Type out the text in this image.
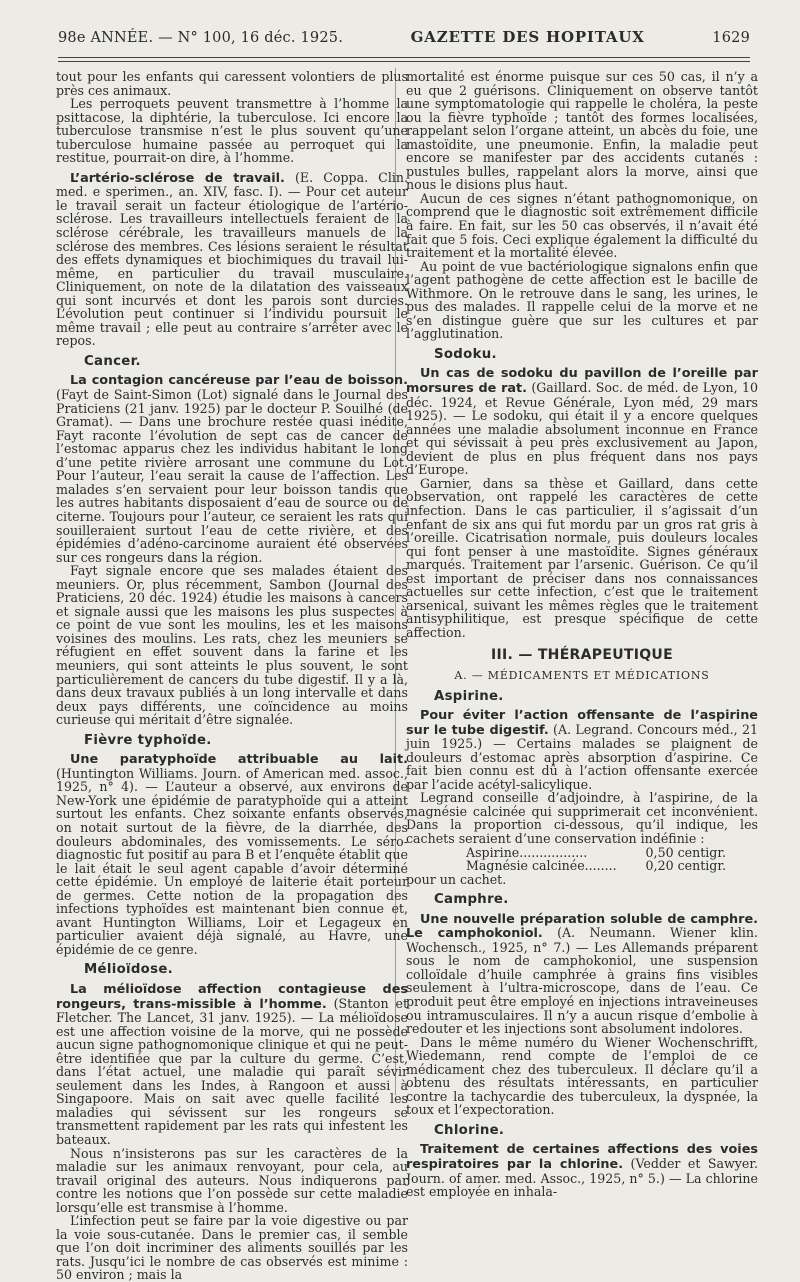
98e ANNÉE. — N° 100, 16 déc. 1925.	GAZETTE DES HOPITAUX	1629

tout pour les enfants qui caressent volontiers de plus près ces animaux.

Les perroquets peuvent transmettre à l’homme la psittacose, la diphtérie, la tuberculose. Ici encore la tuberculose transmise n’est le plus souvent qu’une tuberculose humaine passée au perroquet qui la restitue, pourrait-on dire, à l’homme.

L’artério-sclérose de travail. (E. Coppa. Clin. med. e sperimen., an. XIV, fasc. I). — Pour cet auteur le travail serait un facteur étiologique de l’artério-sclérose. Les travailleurs intellectuels feraient de la sclérose cérébrale, les travailleurs manuels de la sclérose des membres. Ces lésions seraient le résultat des effets dynamiques et biochimiques du travail lui-même, en particulier du travail musculaire. Cliniquement, on note de la dilatation des vaisseaux qui sont incurvés et dont les parois sont durcies. L’évolution peut continuer si l’individu poursuit le même travail ; elle peut au contraire s’arrêter avec le repos.

Cancer.

La contagion cancéreuse par l’eau de boisson. (Fayt de Saint-Simon (Lot) signalé dans le Journal des Praticiens (21 janv. 1925) par le docteur P. Souilhé (de Gramat). — Dans une brochure restée quasi inédite, Fayt raconte l’évolution de sept cas de cancer de l’estomac apparus chez les individus habitant le long d’une petite rivière arrosant une commune du Lot. Pour l’auteur, l’eau serait la cause de l’affection. Les malades s’en servaient pour leur boisson tandis que les autres habitants disposaient d’eau de source ou de citerne. Toujours pour l’auteur, ce seraient les rats qui souilleraient surtout l’eau de cette rivière, et des épidémies d’adéno-carcinome auraient été observées sur ces rongeurs dans la région.

Fayt signale encore que ses malades étaient des meuniers. Or, plus récemment, Sambon (Journal des Praticiens, 20 déc. 1924) étudie les maisons à cancers et signale aussi que les maisons les plus suspectes à ce point de vue sont les moulins, les et les maisons voisines des moulins. Les rats, chez les meuniers se réfugient en effet souvent dans la farine et les meuniers, qui sont atteints le plus souvent, le sont particulièrement de cancers du tube digestif. Il y a là, dans deux travaux publiés à un long intervalle et dans deux pays différents, une coïncidence au moins curieuse qui méritait d’être signalée.

Fièvre typhoïde.

Une paratyphoïde attribuable au lait. (Huntington Williams. Journ. of American med. assoc., 1925, n° 4). — L’auteur a observé, aux environs de New-York une épidémie de paratyphoïde qui a atteint surtout les enfants. Chez soixante enfants observés, on notait surtout de la fièvre, de la diarrhée, des douleurs abdominales, des vomissements. Le séro-diagnostic fut positif au para B et l’enquête établit que le lait était le seul agent capable d’avoir déterminé cette épidémie. Un employé de laiterie était porteur de germes. Cette notion de la propagation des infections typhoïdes est maintenant bien connue et, avant Huntington Williams, Loir et Legageux en particulier avaient déjà signalé, au Havre, une épidémie de ce genre.

Mélioïdose.

La mélioïdose affection contagieuse des rongeurs, trans-missible à l’homme. (Stanton et Fletcher. The Lancet, 31 janv. 1925). — La mélioïdose est une affection voisine de la morve, qui ne possède aucun signe pathognomonique clinique et qui ne peut-être identifiée que par la culture du germe. C’est, dans l’état actuel, une maladie qui paraît sévir seulement dans les Indes, à Rangoon et aussi à Singapoore. Mais on sait avec quelle facilité les maladies qui sévissent sur les rongeurs se transmettent rapidement par les rats qui infestent les bateaux.

Nous n’insisterons pas sur les caractères de la maladie sur les animaux renvoyant, pour cela, au travail original des auteurs. Nous indiquerons par contre les notions que l’on possède sur cette maladie lorsqu’elle est transmise à l’homme.

L’infection peut se faire par la voie digestive ou par la voie sous-cutanée. Dans le premier cas, il semble que l’on doit incriminer des aliments souillés par les rats. Jusqu’ici le nombre de cas observés est minime : 50 environ ; mais la

mortalité est énorme puisque sur ces 50 cas, il n’y a eu que 2 guérisons. Cliniquement on observe tantôt une symptomatologie qui rappelle le choléra, la peste ou la fièvre typhoïde ; tantôt des formes localisées, rappelant selon l’organe atteint, un abcès du foie, une mastoïdite, une pneumonie. Enfin, la maladie peut encore se manifester par des accidents cutanés : pustules bulles, rappelant alors la morve, ainsi que nous le disions plus haut.

Aucun de ces signes n’étant pathognomonique, on comprend que le diagnostic soit extrêmement difficile à faire. En fait, sur les 50 cas observés, il n’avait été fait que 5 fois. Ceci explique également la difficulté du traitement et la mortalité élevée.

Au point de vue bactériologique signalons enfin que l’agent pathogène de cette affection est le bacille de Withmore. On le retrouve dans le sang, les urines, le pus des malades. Il rappelle celui de la morve et ne s’en distingue guère que sur les cultures et par l’agglutination.

Sodoku.

Un cas de sodoku du pavillon de l’oreille par morsures de rat. (Gaillard. Soc. de méd. de Lyon, 10 déc. 1924, et Revue Générale, Lyon méd, 29 mars 1925). — Le sodoku, qui était il y a encore quelques années une maladie absolument inconnue en France et qui sévissait à peu près exclusivement au Japon, devient de plus en plus fréquent dans nos pays d’Europe.

Garnier, dans sa thèse et Gaillard, dans cette observation, ont rappelé les caractères de cette infection. Dans le cas particulier, il s’agissait d’un enfant de six ans qui fut mordu par un gros rat gris à l’oreille. Cicatrisation normale, puis douleurs locales qui font penser à une mastoïdite. Signes généraux marqués. Traitement par l’arsenic. Guérison. Ce qu’il est important de préciser dans nos connaissances actuelles sur cette infection, c’est que le traitement arsenical, suivant les mêmes règles que le traitement antisyphilitique, est presque spécifique de cette affection.

III. — THÉRAPEUTIQUE
A. — MÉDICAMENTS ET MÉDICATIONS
Aspirine.

Pour éviter l’action offensante de l’aspirine sur le tube digestif. (A. Legrand. Concours méd., 21 juin 1925.) — Certains malades se plaignent de douleurs d’estomac après absorption d’aspirine. Ce fait bien connu est dû à l’action offensante exercée par l’acide acétyl-salicylique.

Legrand conseille d’adjoindre, à l’aspirine, de la magnésie calcinée qui supprimerait cet inconvénient. Dans la proportion ci-dessous, qu’il indique, les cachets seraient d’une conservation indéfinie :

Aspirine.................	0,50 centigr.
Magnésie calcinée........ 0,20 centigr.

pour un cachet.

Camphre.

Une nouvelle préparation soluble de camphre. Le camphokoniol. (A. Neumann. Wiener klin. Wochensch., 1925, n° 7.) — Les Allemands préparent sous le nom de camphokoniol, une suspension colloïdale d’huile camphrée à grains fins visibles seulement à l’ultra-microscope, dans de l’eau. Ce produit peut être employé en injections intraveineuses ou intramusculaires. Il n’y a aucun risque d’embolie à redouter et les injections sont absolument indolores.

Dans le même numéro du Wiener Wochenschrifft, Wiedemann, rend compte de l’emploi de ce médicament chez des tuberculeux. Il déclare qu’il a obtenu des résultats intéressants, en particulier contre la tachycardie des tuberculeux, la dyspnée, la toux et l’expectoration.

Chlorine.

Traitement de certaines affections des voies respiratoires par la chlorine. (Vedder et Sawyer. Journ. of amer. med. Assoc., 1925, n° 5.) — La chlorine est employée en inhala-
